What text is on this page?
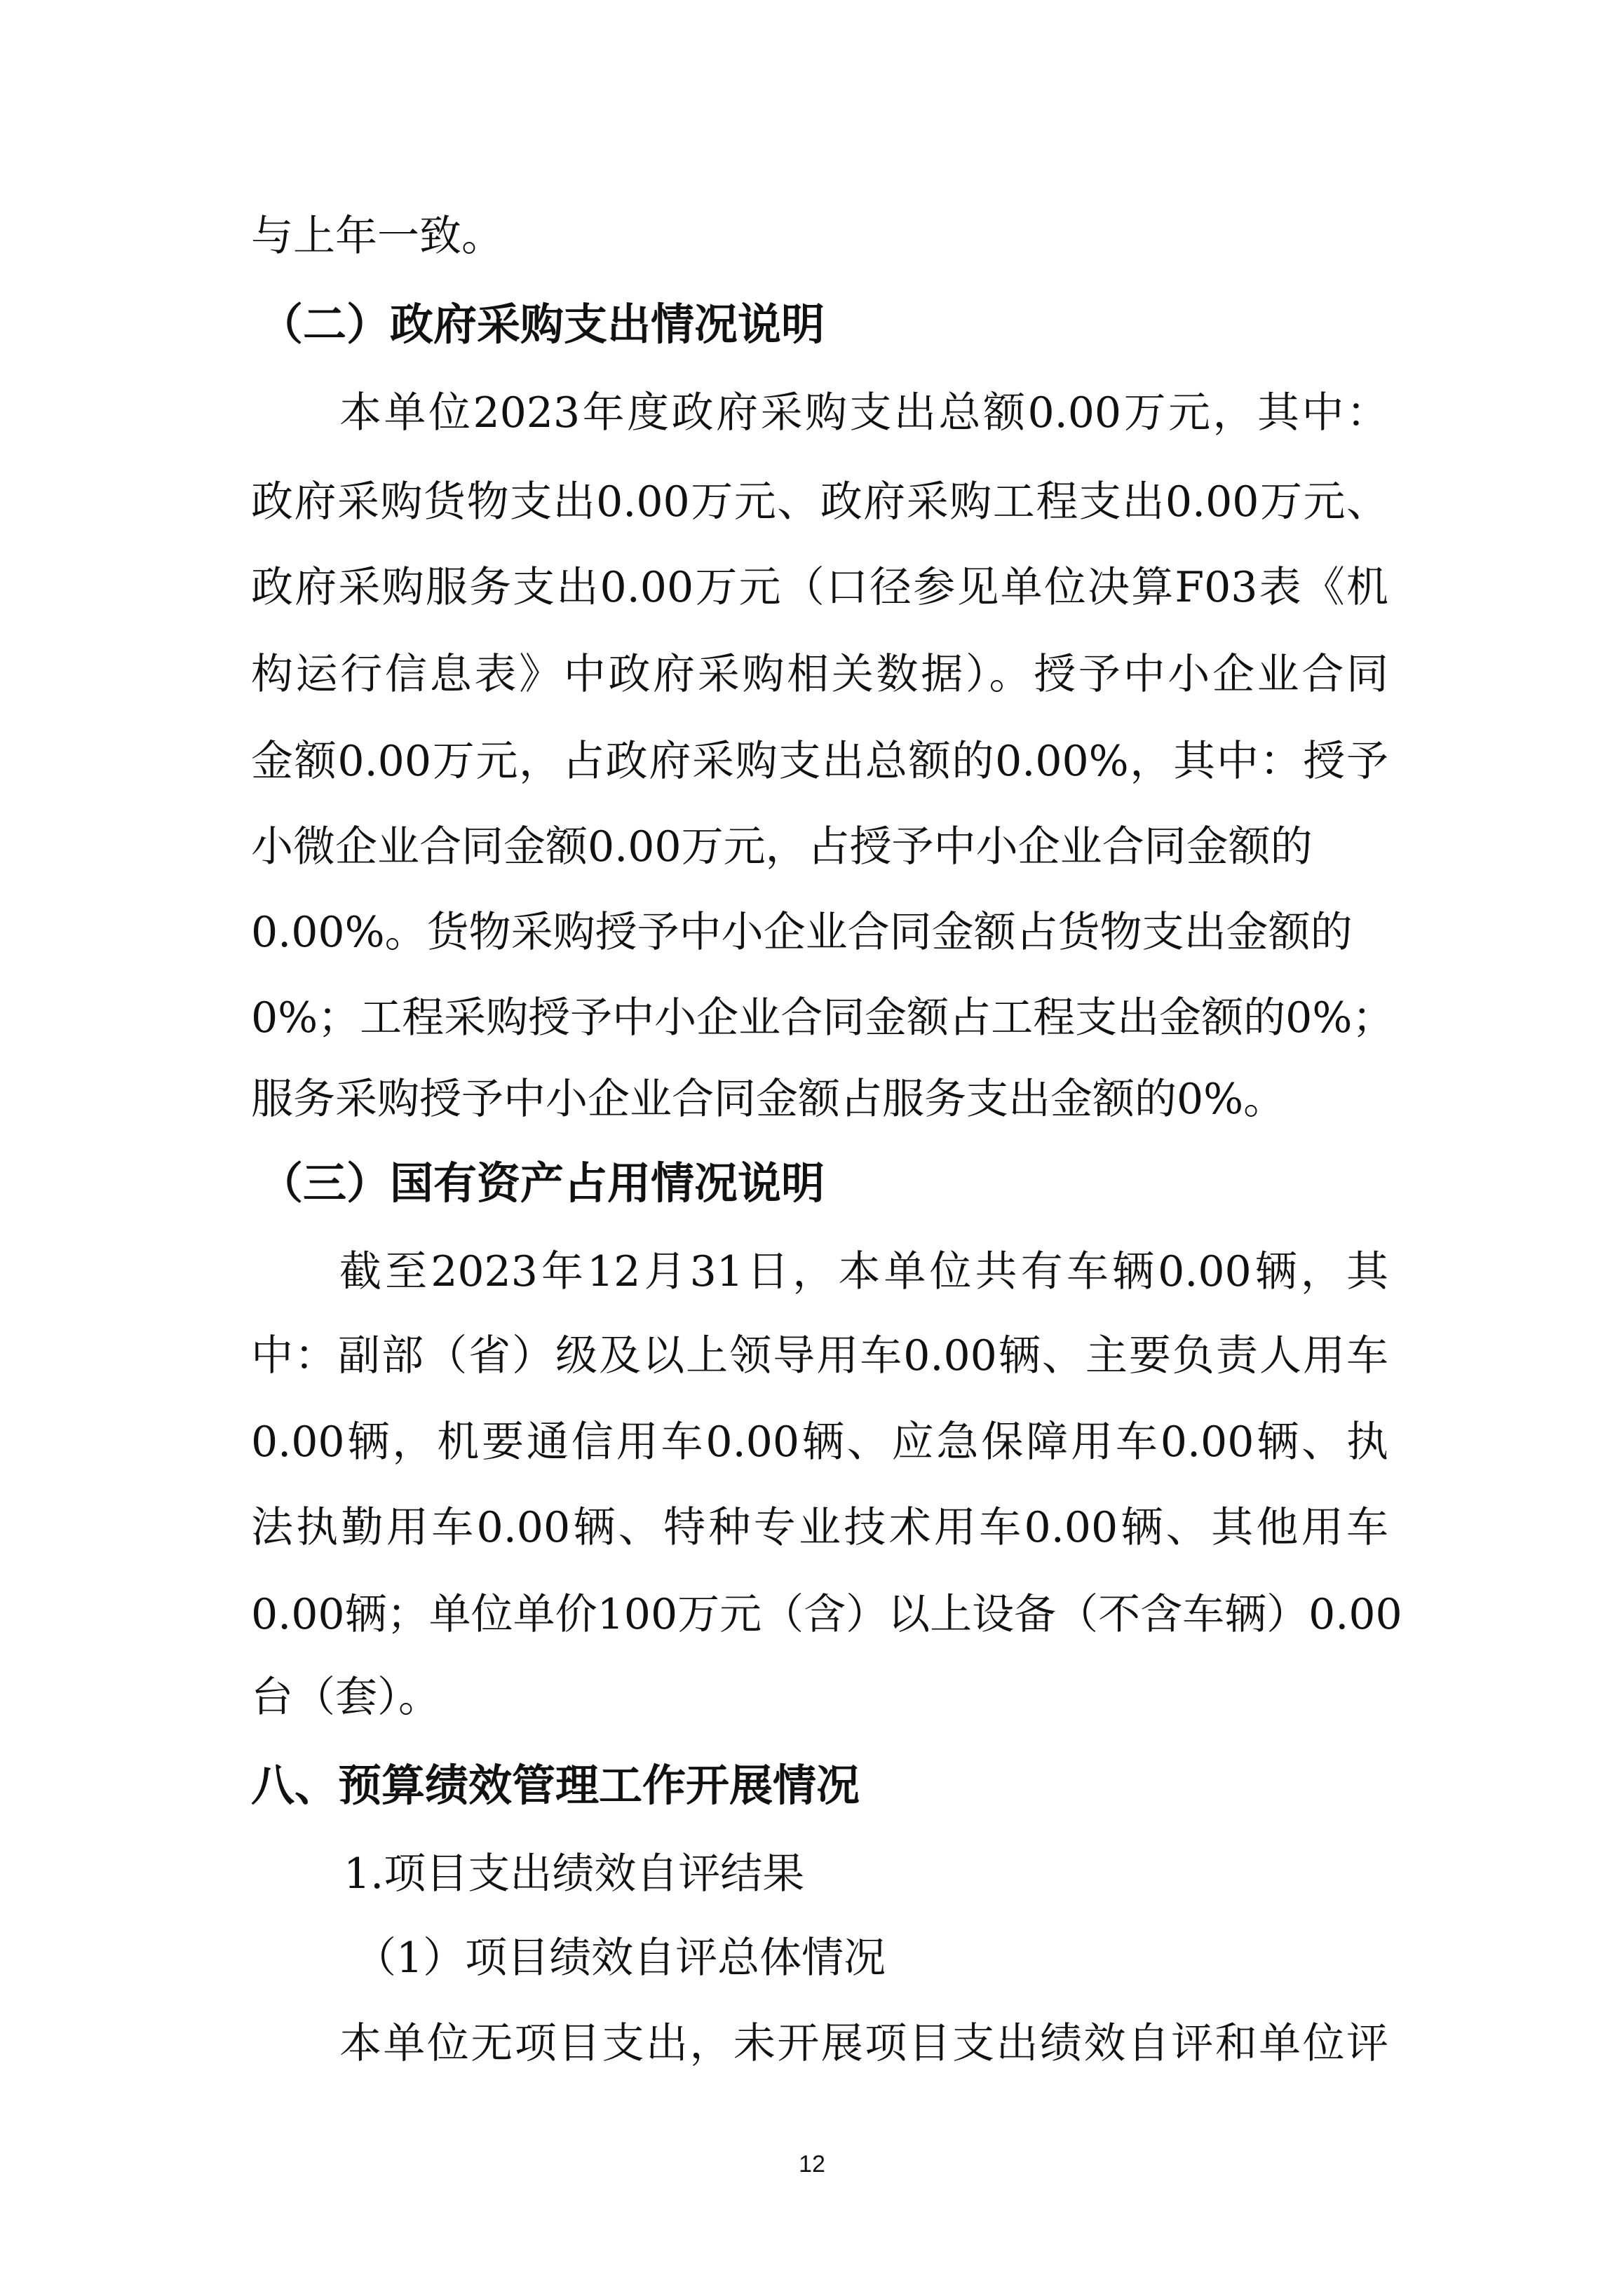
与上年一致。
（二）政府采购支出情况说明
本单位2023年度政府采购支出总额0.00万元，其中：
政府采购货物支出0.00万元、政府采购工程支出0.00万元、
政府采购服务支出0.00万元（口径参见单位决算F03表《机
构运行信息表》中政府采购相关数据）。授予中小企业合同
金额0.00万元，占政府采购支出总额的0.00%，其中：授予
小微企业合同金额0.00万元，占授予中小企业合同金额的
0.00%。货物采购授予中小企业合同金额占货物支出金额的
0%；工程采购授予中小企业合同金额占工程支出金额的0%；
服务采购授予中小企业合同金额占服务支出金额的0%。
（三）国有资产占用情况说明
截至2023年12月31日，本单位共有车辆0.00辆，其
中：副部（省）级及以上领导用车0.00辆、主要负责人用车
0.00辆，机要通信用车0.00辆、应急保障用车0.00辆、执
法执勤用车0.00辆、特种专业技术用车0.00辆、其他用车
0.00辆；单位单价100万元（含）以上设备（不含车辆）0.00
台（套）。
八、预算绩效管理工作开展情况
1.项目支出绩效自评结果
（1）项目绩效自评总体情况
本单位无项目支出，未开展项目支出绩效自评和单位评
12
